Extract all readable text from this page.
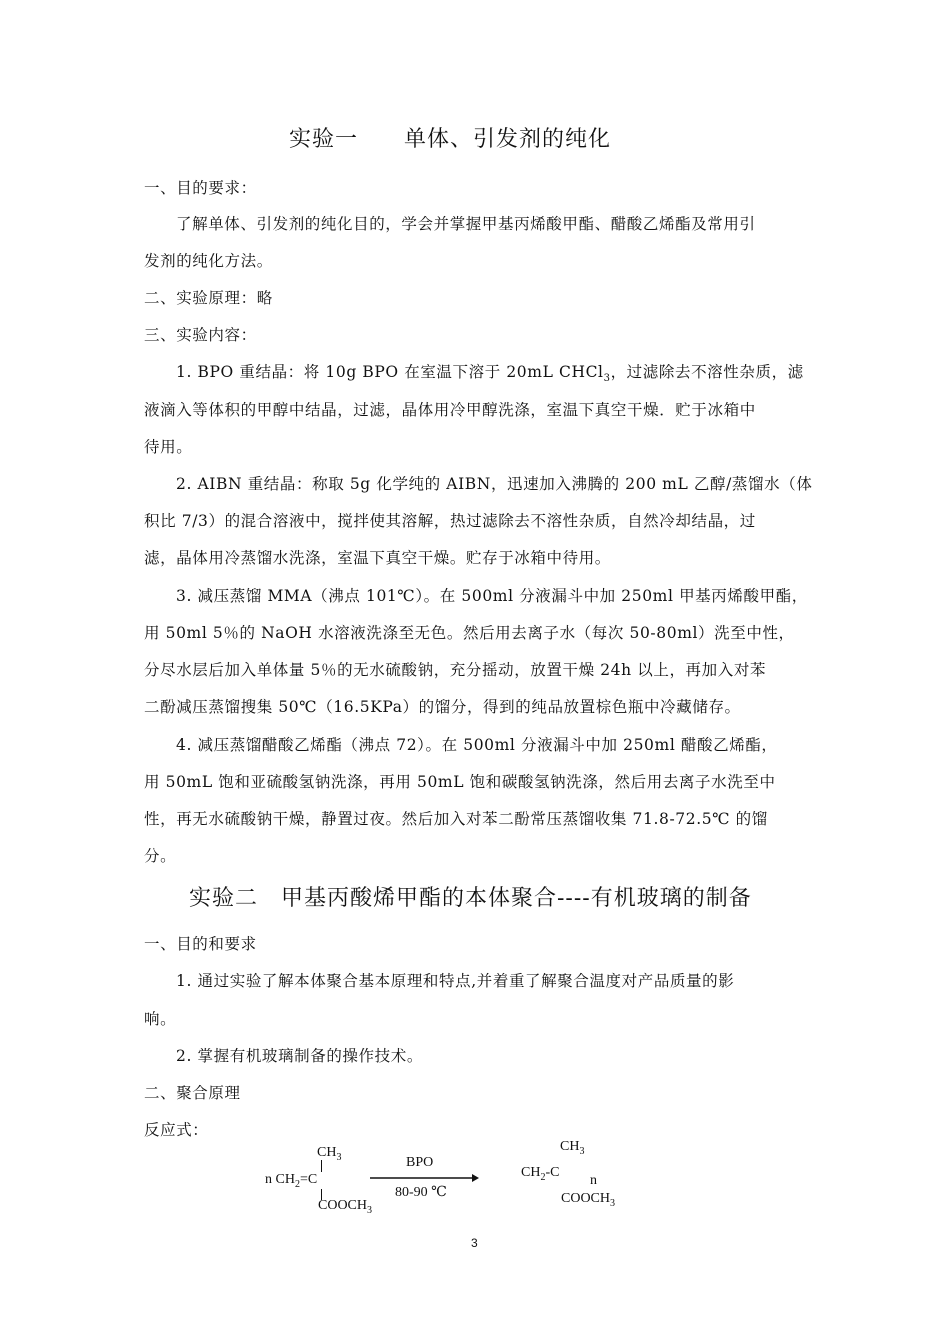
实验一　　单体、引发剂的纯化
一、目的要求：
了解单体、引发剂的纯化目的，学会并掌握甲基丙烯酸甲酯、醋酸乙烯酯及常用引
发剂的纯化方法。
二、实验原理：略
三、实验内容：
1. BPO 重结晶：将 10g BPO 在室温下溶于 20mL CHCl$_3$，过滤除去不溶性杂质，滤
液滴入等体积的甲醇中结晶，过滤，晶体用冷甲醇洗涤，室温下真空干燥．贮于冰箱中
待用。
2. AIBN 重结晶：称取 5g 化学纯的 AIBN，迅速加入沸腾的 200 mL 乙醇/蒸馏水（体
积比 7/3）的混合溶液中，搅拌使其溶解，热过滤除去不溶性杂质，自然冷却结晶，过
滤，晶体用冷蒸馏水洗涤，室温下真空干燥。贮存于冰箱中待用。
3. 减压蒸馏 MMA（沸点 101℃）。在 500ml 分液漏斗中加 250ml 甲基丙烯酸甲酯，
用 50ml 5％的 NaOH 水溶液洗涤至无色。然后用去离子水（每次 50-80ml）洗至中性，
分尽水层后加入单体量 5％的无水硫酸钠，充分摇动，放置干燥 24h 以上，再加入对苯
二酚减压蒸馏搜集 50℃（16.5KPa）的馏分，得到的纯品放置棕色瓶中冷藏储存。
4. 减压蒸馏醋酸乙烯酯（沸点 72）。在 500ml 分液漏斗中加 250ml 醋酸乙烯酯，
用 50mL 饱和亚硫酸氢钠洗涤，再用 50mL 饱和碳酸氢钠洗涤，然后用去离子水洗至中
性，再无水硫酸钠干燥，静置过夜。然后加入对苯二酚常压蒸馏收集 71.8-72.5℃ 的馏
分。
实验二　甲基丙酸烯甲酯的本体聚合----有机玻璃的制备
一、目的和要求
1. 通过实验了解本体聚合基本原理和特点,并着重了解聚合温度对产品质量的影
响。
2. 掌握有机玻璃制备的操作技术。
二、聚合原理
反应式：
$CH_3$
n $CH_2=C$
$COOCH_3$
BPO
80-90 ℃
$CH_3$
$CH_2-C$
n
$COOCH_3$
3
